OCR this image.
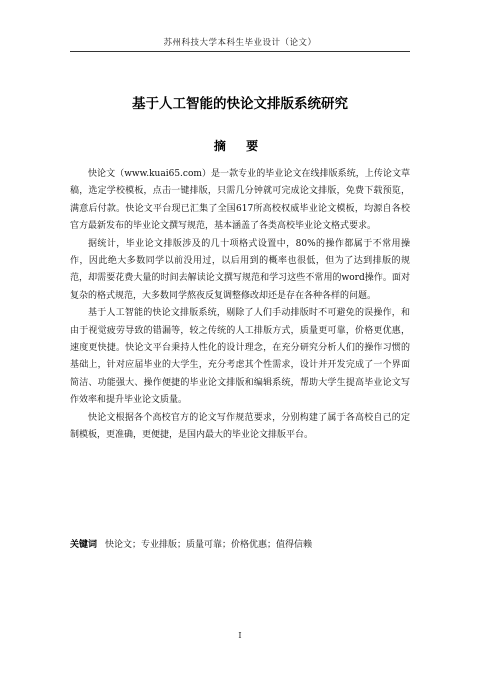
苏州科技大学本科生毕业设计（论文）
基于人工智能的快论文排版系统研究
摘 要

快论文（www.kuai65.com）是一款专业的毕业论文在线排版系统，上传论文草稿，选定学校模板，点击一键排版，只需几分钟就可完成论文排版，免费下载预览，满意后付款。快论文平台现已汇集了全国617所高校权威毕业论文模板，均源自各校官方最新发布的毕业论文撰写规范，基本涵盖了各类高校毕业论文格式要求。

据统计，毕业论文排版涉及的几十项格式设置中，80%的操作都属于不常用操作，因此绝大多数同学以前没用过，以后用到的概率也很低，但为了达到排版的规范，却需要花费大量的时间去解读论文撰写规范和学习这些不常用的word操作。面对复杂的格式规范，大多数同学熬夜反复调整修改却还是存在各种各样的问题。

基于人工智能的快论文排版系统，剔除了人们手动排版时不可避免的误操作，和由于视觉疲劳导致的错漏等，较之传统的人工排版方式，质量更可靠，价格更优惠，速度更快捷。快论文平台秉持人性化的设计理念，在充分研究分析人们的操作习惯的基础上，针对应届毕业的大学生，充分考虑其个性需求，设计并开发完成了一个界面简洁、功能强大、操作便捷的毕业论文排版和编辑系统，帮助大学生提高毕业论文写作效率和提升毕业论文质量。

快论文根据各个高校官方的论文写作规范要求，分别构建了属于各高校自己的定制模板，更准确，更便捷，是国内最大的毕业论文排版平台。

关键词 快论文；专业排版；质量可靠；价格优惠；值得信赖
I
